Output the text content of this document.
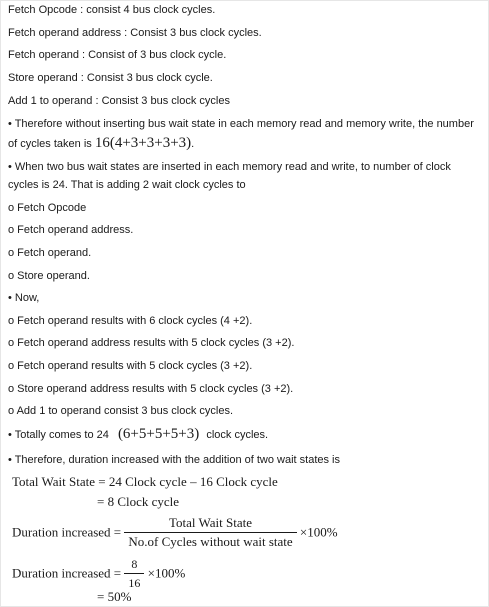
Fetch Opcode : consist 4 bus clock cycles.
Fetch operand address : Consist 3 bus clock cycles.
Fetch operand : Consist of 3 bus clock cycle.
Store operand : Consist 3 bus clock cycle.
Add 1 to operand : Consist 3 bus clock cycles
• Therefore without inserting bus wait state in each memory read and memory write, the number
of cycles taken is 16(4+3+3+3+3).
• When two bus wait states are inserted in each memory read and write, to number of clock
cycles is 24. That is adding 2 wait clock cycles to
o Fetch Opcode
o Fetch operand address.
o Fetch operand.
o Store operand.
• Now,
o Fetch operand results with 6 clock cycles (4 +2).
o Fetch operand address results with 5 clock cycles (3 +2).
o Fetch operand results with 5 clock cycles (3 +2).
o Store operand address results with 5 clock cycles (3 +2).
o Add 1 to operand consist 3 bus clock cycles.
• Totally comes to 24 (6+5+5+5+3) clock cycles.
• Therefore, duration increased with the addition of two wait states is
Total Wait State = 24 Clock cycle – 16 Clock cycle
= 8 Clock cycle
Duration increased = $\frac{\text{Total Wait State}}{\text{No.of Cycles without wait state}} \times 100\%$
Duration increased = $\frac{8}{16} \times 100\%$
= 50%
